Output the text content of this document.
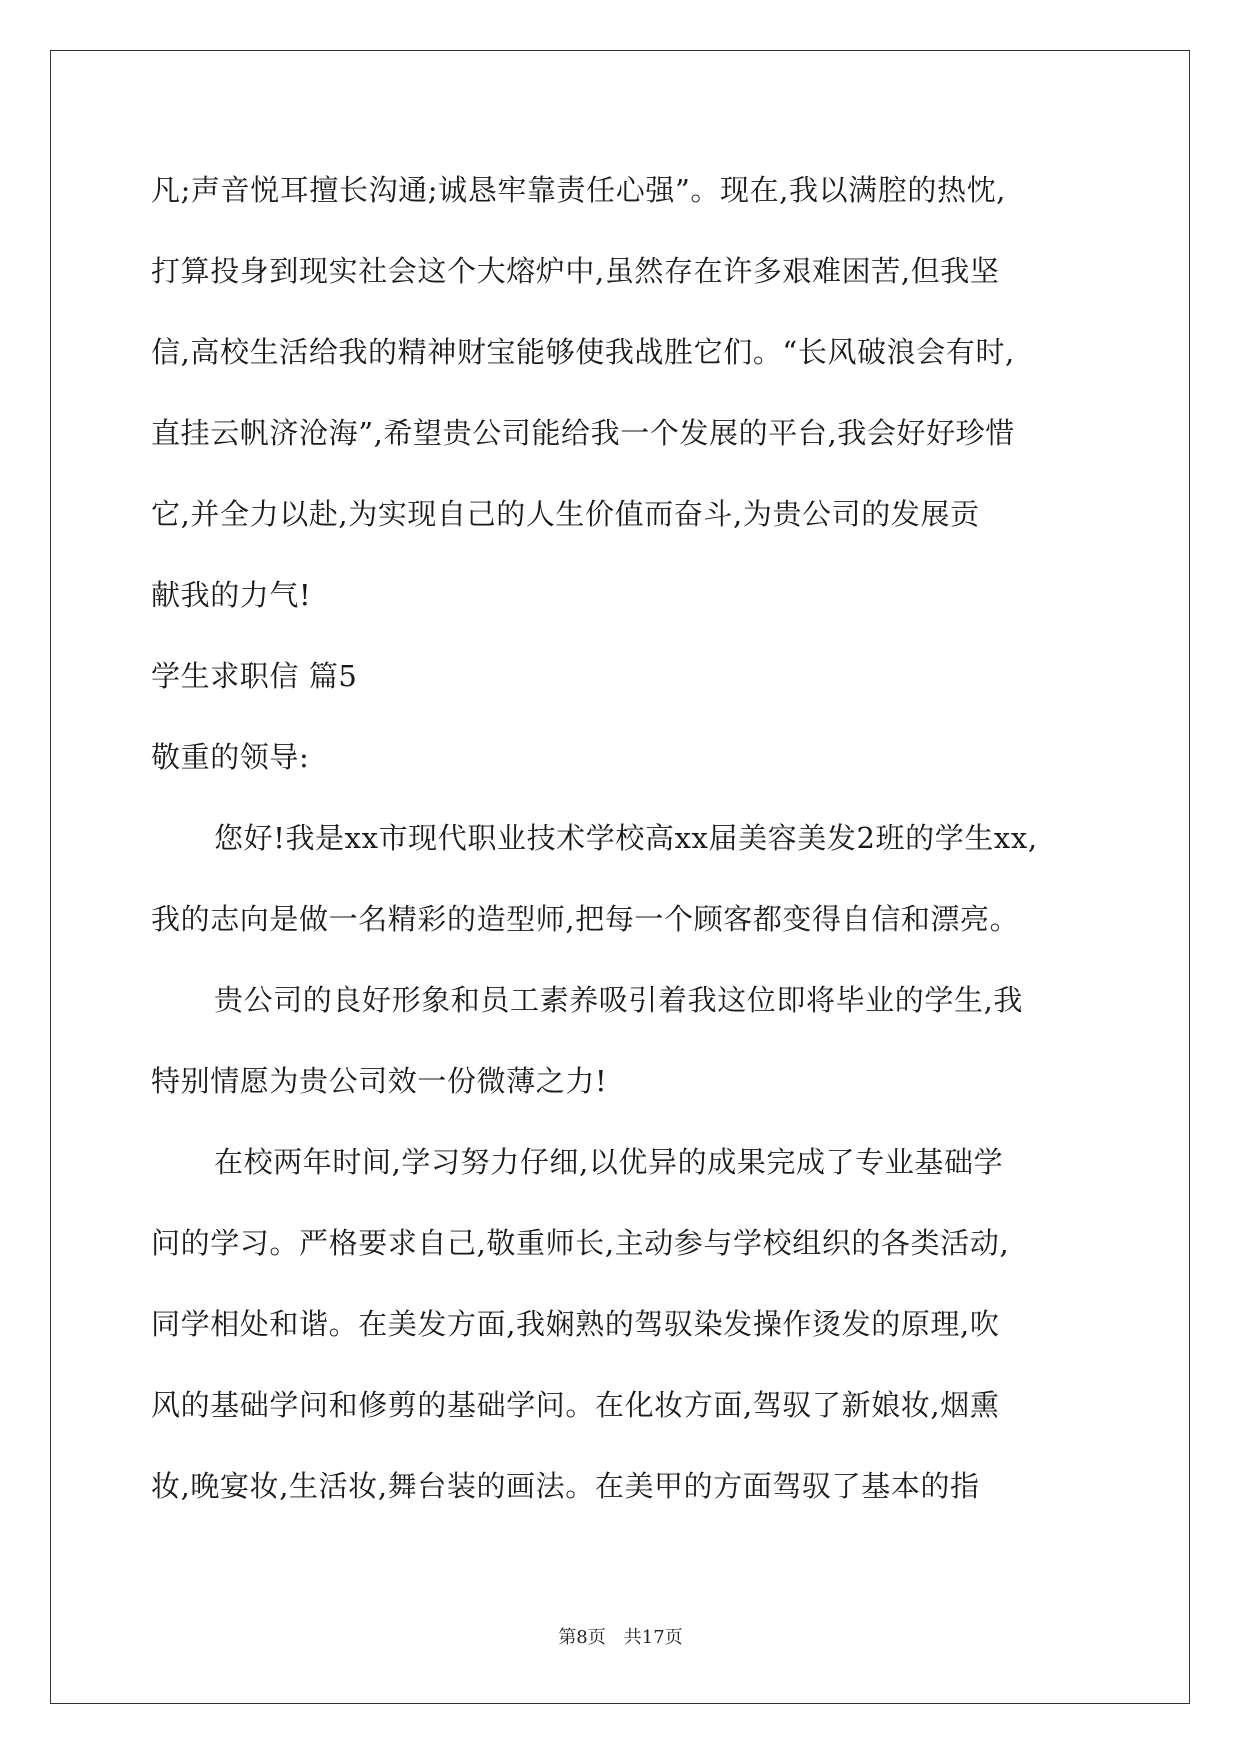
凡;声音悦耳擅长沟通;诚恳牢靠责任心强”。现在,我以满腔的热忱,
打算投身到现实社会这个大熔炉中,虽然存在许多艰难困苦,但我坚
信,高校生活给我的精神财宝能够使我战胜它们。“长风破浪会有时,
直挂云帆济沧海”,希望贵公司能给我一个发展的平台,我会好好珍惜
它,并全力以赴,为实现自己的人生价值而奋斗,为贵公司的发展贡
献我的力气!
学生求职信 篇5
敬重的领导:
您好!我是xx市现代职业技术学校高xx届美容美发2班的学生xx,
我的志向是做一名精彩的造型师,把每一个顾客都变得自信和漂亮。
贵公司的良好形象和员工素养吸引着我这位即将毕业的学生,我
特别情愿为贵公司效一份微薄之力!
在校两年时间,学习努力仔细,以优异的成果完成了专业基础学
问的学习。严格要求自己,敬重师长,主动参与学校组织的各类活动,
同学相处和谐。在美发方面,我娴熟的驾驭染发操作烫发的原理,吹
风的基础学问和修剪的基础学问。在化妆方面,驾驭了新娘妆,烟熏
妆,晚宴妆,生活妆,舞台装的画法。在美甲的方面驾驭了基本的指
第8页 共17页
